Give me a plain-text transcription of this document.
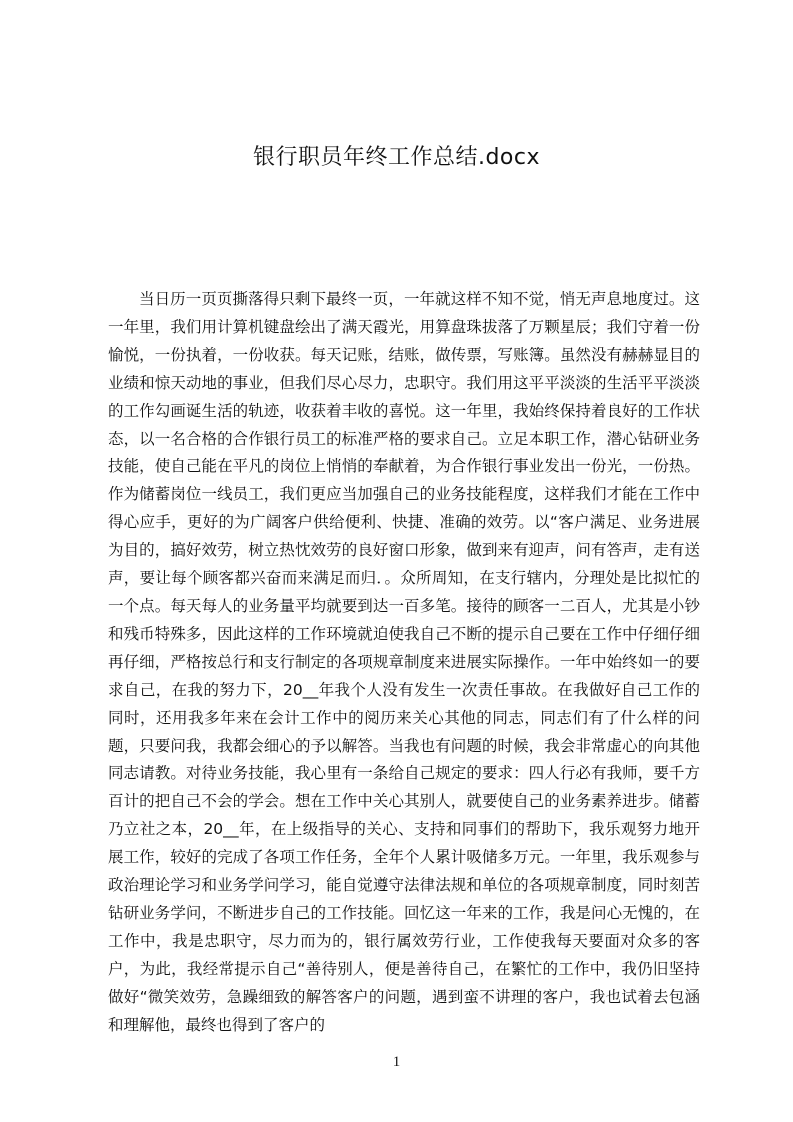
银行职员年终工作总结.docx

当日历一页页撕落得只剩下最终一页，一年就这样不知不觉，悄无声息地度过。这一年里，我们用计算机键盘绘出了满天霞光，用算盘珠拔落了万颗星辰；我们守着一份愉悦，一份执着，一份收获。每天记账，结账，做传票，写账簿。虽然没有赫赫显目的业绩和惊天动地的事业，但我们尽心尽力，忠职守。我们用这平平淡淡的生活平平淡淡的工作勾画诞生活的轨迹，收获着丰收的喜悦。这一年里，我始终保持着良好的工作状态，以一名合格的合作银行员工的标准严格的要求自己。立足本职工作，潜心钻研业务技能，使自己能在平凡的岗位上悄悄的奉献着，为合作银行事业发出一份光，一份热。作为储蓄岗位一线员工，我们更应当加强自己的业务技能程度，这样我们才能在工作中得心应手，更好的为广阔客户供给便利、快捷、准确的效劳。以“客户满足、业务进展为目的，搞好效劳，树立热忱效劳的良好窗口形象，做到来有迎声，问有答声，走有送声，要让每个顾客都兴奋而来满足而归．。众所周知，在支行辖内，分理处是比拟忙的一个点。每天每人的业务量平均就要到达一百多笔。接待的顾客一二百人，尤其是小钞和残币特殊多，因此这样的工作环境就迫使我自己不断的提示自己要在工作中仔细仔细再仔细，严格按总行和支行制定的各项规章制度来进展实际操作。一年中始终如一的要求自己，在我的努力下，20__年我个人没有发生一次责任事故。在我做好自己工作的同时，还用我多年来在会计工作中的阅历来关心其他的同志，同志们有了什么样的问题，只要问我，我都会细心的予以解答。当我也有问题的时候，我会非常虚心的向其他同志请教。对待业务技能，我心里有一条给自己规定的要求：四人行必有我师，要千方百计的把自己不会的学会。想在工作中关心其别人，就要使自己的业务素养进步。储蓄乃立社之本，20__年，在上级指导的关心、支持和同事们的帮助下，我乐观努力地开展工作，较好的完成了各项工作任务，全年个人累计吸储多万元。一年里，我乐观参与政治理论学习和业务学问学习，能自觉遵守法律法规和单位的各项规章制度，同时刻苦钻研业务学问，不断进步自己的工作技能。回忆这一年来的工作，我是问心无愧的，在工作中，我是忠职守，尽力而为的，银行属效劳行业，工作使我每天要面对众多的客户，为此，我经常提示自己“善待别人，便是善待自己，在繁忙的工作中，我仍旧坚持做好“微笑效劳，急躁细致的解答客户的问题，遇到蛮不讲理的客户，我也试着去包涵和理解他，最终也得到了客户的

1
